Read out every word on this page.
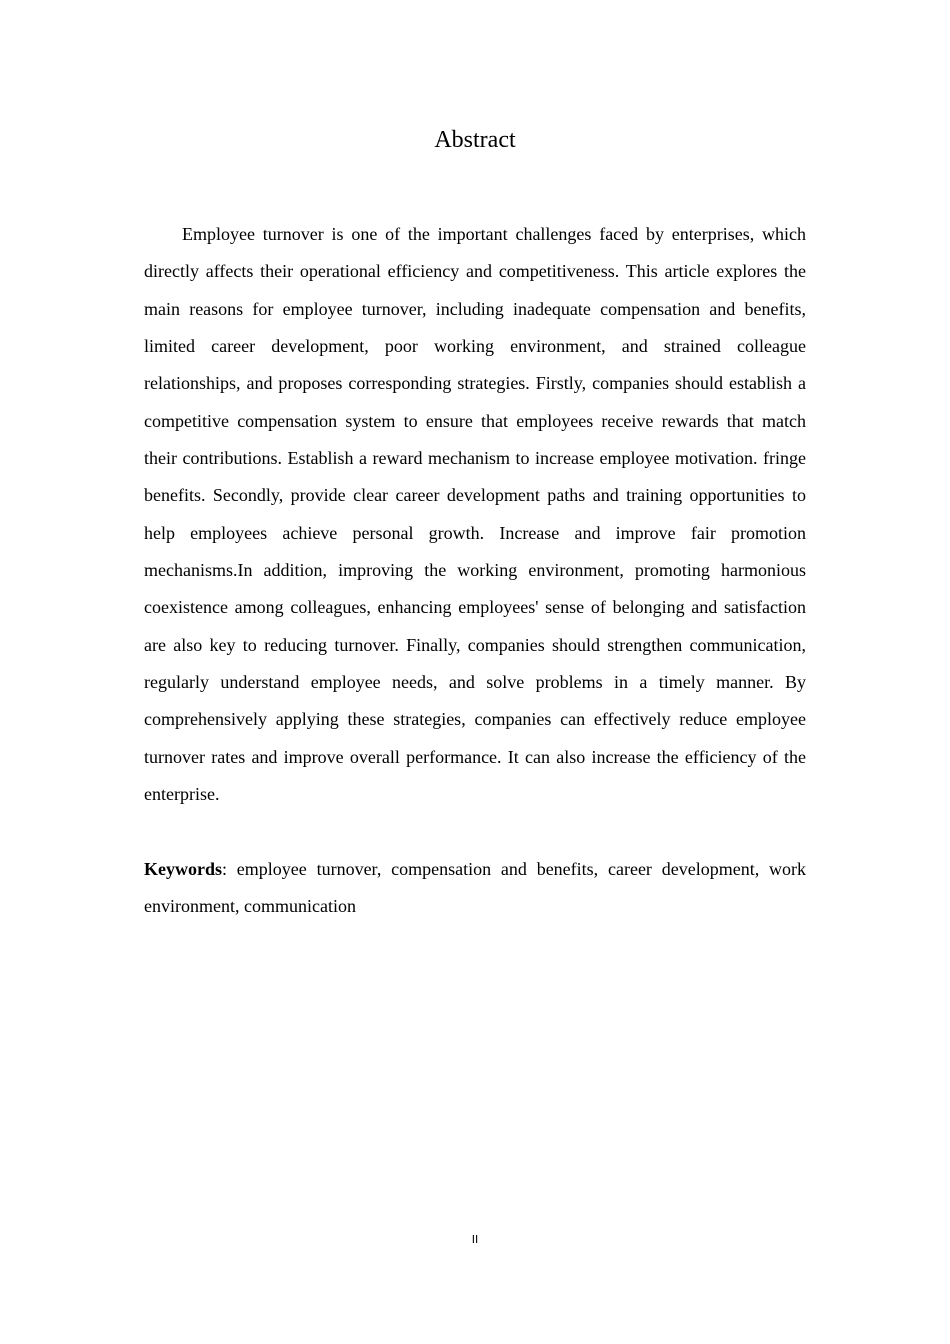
Abstract

Employee turnover is one of the important challenges faced by enterprises, which directly affects their operational efficiency and competitiveness. This article explores the main reasons for employee turnover, including inadequate compensation and benefits, limited career development, poor working environment, and strained colleague relationships, and proposes corresponding strategies. Firstly, companies should establish a competitive compensation system to ensure that employees receive rewards that match their contributions. Establish a reward mechanism to increase employee motivation. fringe benefits. Secondly, provide clear career development paths and training opportunities to help employees achieve personal growth. Increase and improve fair promotion mechanisms.In addition, improving the working environment, promoting harmonious coexistence among colleagues, enhancing employees' sense of belonging and satisfaction are also key to reducing turnover. Finally, companies should strengthen communication, regularly understand employee needs, and solve problems in a timely manner. By comprehensively applying these strategies, companies can effectively reduce employee turnover rates and improve overall performance. It can also increase the efficiency of the enterprise.

Keywords: employee turnover, compensation and benefits, career development, work environment, communication

II
